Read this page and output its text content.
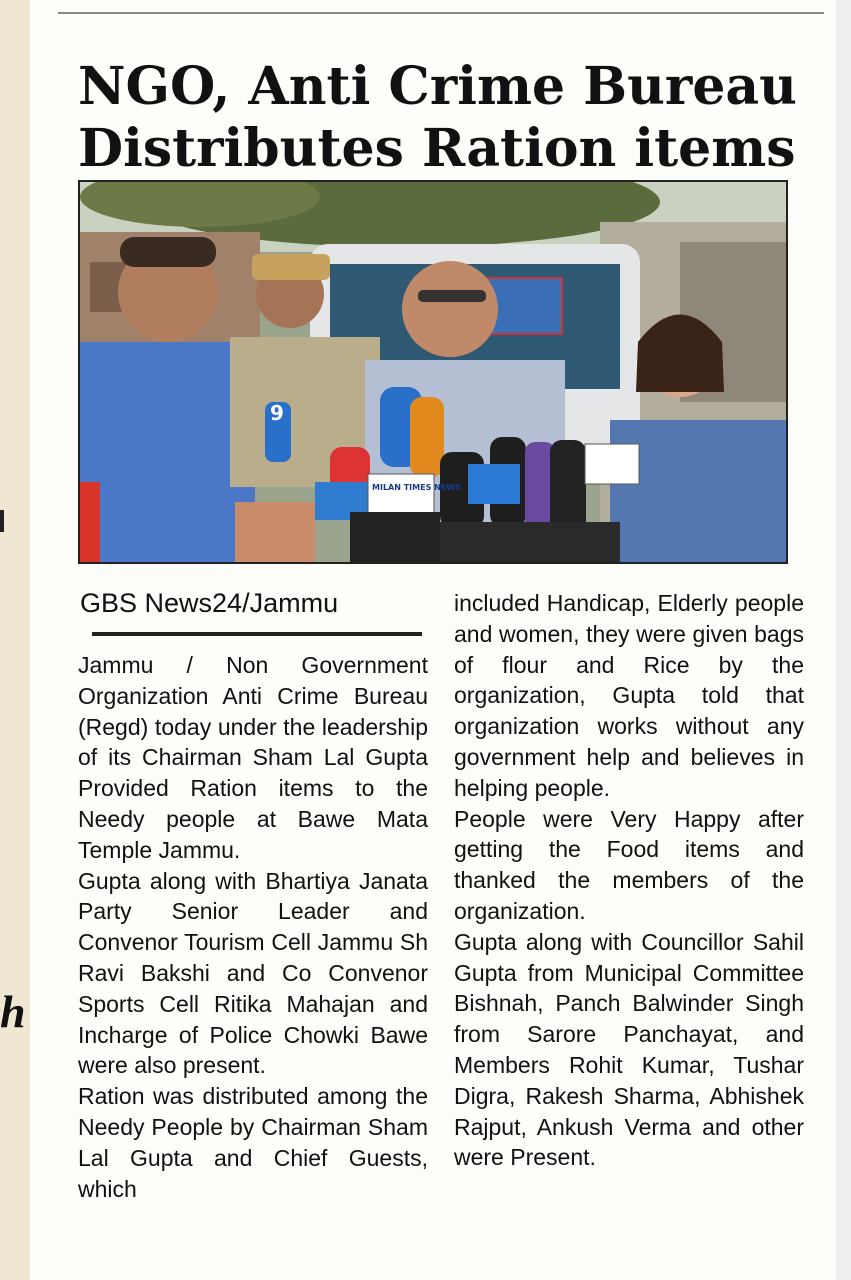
h
NGO, Anti Crime Bureau Distributes Ration items
9
MILAN TIMES NEWS
GBS News24/Jammu

Jammu / Non Government Organization Anti Crime Bureau (Regd) today under the leadership of its Chairman Sham Lal Gupta Provided Ration items to the Needy people at Bawe Mata Temple Jammu.

Gupta along with Bhartiya Janata Party Senior Leader and Convenor Tourism Cell Jammu Sh Ravi Bakshi and Co Convenor Sports Cell Ritika Mahajan and Incharge of Police Chowki Bawe were also present.

Ration was distributed among the Needy People by Chairman Sham Lal Gupta and Chief Guests, which

included Handicap, Elderly people and women, they were given bags of flour and Rice by the organization, Gupta told that organization works without any government help and believes in helping people.

People were Very Happy after getting the Food items and thanked the members of the organization.

Gupta along with Councillor Sahil Gupta from Municipal Committee Bishnah, Panch Balwinder Singh from Sarore Panchayat, and Members Rohit Kumar, Tushar Digra, Rakesh Sharma, Abhishek Rajput, Ankush Verma and other were Present.
